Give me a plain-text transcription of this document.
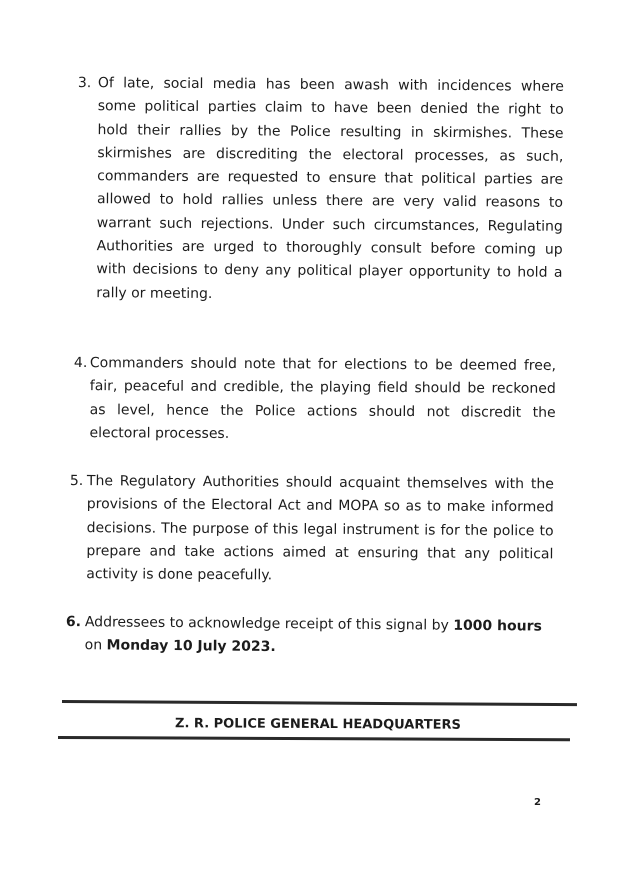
3. Of late, social media has been awash with incidences where
some political parties claim to have been denied the right to
hold their rallies by the Police resulting in skirmishes. These
skirmishes are discrediting the electoral processes, as such,
commanders are requested to ensure that political parties are
allowed to hold rallies unless there are very valid reasons to
warrant such rejections. Under such circumstances, Regulating
Authorities are urged to thoroughly consult before coming up
with decisions to deny any political player opportunity to hold a
rally or meeting.
4. Commanders should note that for elections to be deemed free,
fair, peaceful and credible, the playing field should be reckoned
as level, hence the Police actions should not discredit the
electoral processes.
5. The Regulatory Authorities should acquaint themselves with the
provisions of the Electoral Act and MOPA so as to make informed
decisions. The purpose of this legal instrument is for the police to
prepare and take actions aimed at ensuring that any political
activity is done peacefully.
6. Addressees to acknowledge receipt of this signal by 1000 hours
on Monday 10 July 2023.
Z. R. POLICE GENERAL HEADQUARTERS
2
